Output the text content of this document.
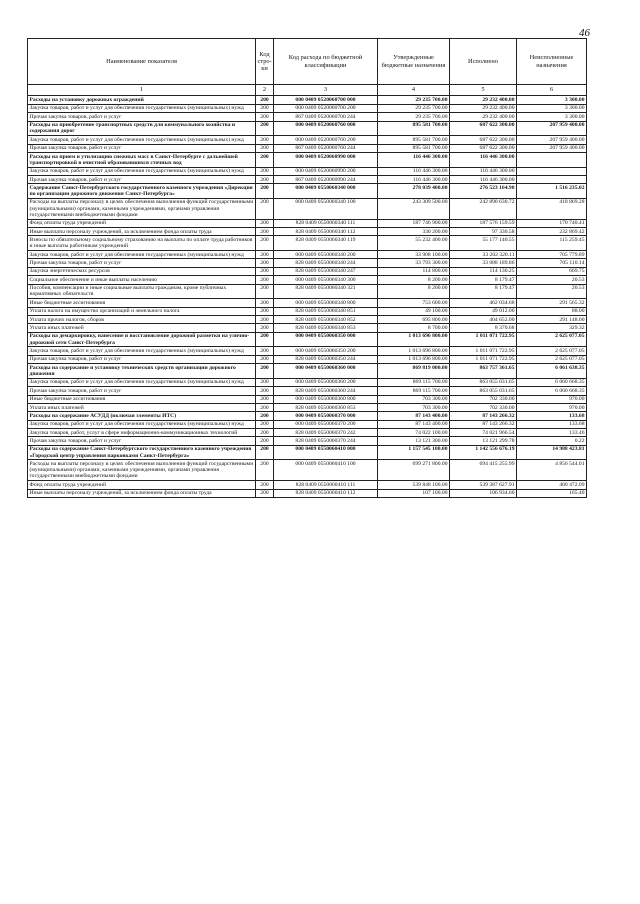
46
Наименование показателя	Код стро-ки	Код расхода по бюджетной классификации	Утвержденные бюджетные назначения	Исполнено	Неисполненные назначения
1	2	3	4	5	6
Расходы на установку дорожных ограждений	200	000 0409 0520060700 000	29 235 700.00	29 232 400.00	3 300.00
Закупка товаров, работ и услуг для обеспечения государственных (муниципальных) нужд	200	000 0409 0520060700 200	29 235 700.00	29 232 400.00	3 300.00
Прочая закупка товаров, работ и услуг	200	867 0409 0520060700 244	29 235 700.00	29 232 400.00	3 300.00
Расходы на приобретение транспортных средств для коммунального хозяйства и содержания дорог	200	000 0409 0520060760 000	895 581 700.00	687 622 300.00	207 959 400.00
Закупка товаров, работ и услуг для обеспечения государственных (муниципальных) нужд	200	000 0409 0520060760 200	895 581 700.00	687 622 300.00	207 959 400.00
Прочая закупка товаров, работ и услуг	200	867 0409 0520060760 244	895 581 700.00	687 622 300.00	207 959 400.00
Расходы на прием и утилизацию снежных масс в Санкт-Петербурге с дальнейшей транспортировкой в очистной образовавшихся сточных вод	200	000 0409 0520060990 000	116 446 300.00	116 446 300.00	
Закупка товаров, работ и услуг для обеспечения государственных (муниципальных) нужд	200	000 0409 0520060990 200	116 446 300.00	116 446 300.00	
Прочая закупка товаров, работ и услуг	200	867 0409 0520060990 244	116 446 300.00	116 446 300.00	
Содержание Санкт-Петербургского государственного казенного учреждения «Дирекция по организации дорожного движения Санкт-Петербурга»	200	000 0409 0550060340 000	278 039 400.00	276 523 164.98	1 516 235.02
Расходы на выплаты персоналу в целях обеспечения выполнения функций государственными (муниципальными) органами, казенными учреждениями, органами управления государственными внебюджетными фондами	200	000 0409 0550060340 100	243 309 500.00	242 890 630.72	418 869.28
Фонд оплаты труда учреждений	200	828 0409 0550060340 111	187 746 900.00	187 576 159.59	170 740.41
Иные выплаты персоналу учреждений, за исключением фонда оплаты труда	200	828 0409 0550060340 112	330 200.00	97 330.58	232 869.42
Взносы по обязательному социальному страхованию на выплаты по оплате труда работников и иные выплаты работникам учреждений	200	828 0409 0550060340 119	55 232 400.00	55 177 140.55	115 259.45
Закупка товаров, работ и услуг для обеспечения государственных (муниципальных) нужд	200	000 0409 0550060340 200	33 908 100.00	33 202 320.11	705 779.89
Прочая закупка товаров, работ и услуг	200	828 0409 0550060340 244	33 793 300.00	33 088 189.86	705 110.14
Закупка энергетических ресурсов	200	828 0409 0550060340 247	114 800.00	114 130.25	669.75
Социальное обеспечение и иные выплаты населению	200	000 0409 0550060340 300	8 200.00	8 179.47	20.53
Пособия, компенсации и иные социальные выплаты гражданам, кроме публичных нормативных обязательств	200	828 0409 0550060340 321	8 200.00	8 179.47	20.53
Иные бюджетные ассигнования	200	000 0409 0550060340 800	753 600.00	462 034.68	291 565.32
Уплата налога на имущество организаций и земельного налога	200	828 0409 0550060340 851	49 100.00	49 012.00	88.00
Уплата прочих налогов, сборов	200	828 0409 0550060340 852	695 800.00	404 652.00	291 148.00
Уплата иных платежей	200	828 0409 0550060340 853	8 700.00	8 370.68	329.32
Расходы на демаркировку, нанесение и восстановление дорожной разметки на улично-дорожной сети Санкт-Петербурга	200	000 0409 0550060350 000	1 013 696 800.00	1 011 071 722.95	2 625 077.05
Закупка товаров, работ и услуг для обеспечения государственных (муниципальных) нужд	200	000 0409 0550060350 200	1 013 696 800.00	1 011 071 722.95	2 625 077.05
Прочая закупка товаров, работ и услуг	200	828 0409 0550060350 244	1 013 696 800.00	1 011 071 722.95	2 625 077.05
Расходы на содержание и установку технических средств организации дорожного движения	200	000 0409 0550060360 000	869 819 000.00	863 757 361.65	6 061 638.35
Закупка товаров, работ и услуг для обеспечения государственных (муниципальных) нужд	200	000 0409 0550060360 200	869 115 700.00	863 055 031.65	6 060 668.35
Прочая закупка товаров, работ и услуг	200	828 0409 0550060360 244	869 115 700.00	863 055 031.65	6 060 668.35
Иные бюджетные ассигнования	200	000 0409 0550060360 800	703 300.00	702 330.00	970.00
Уплата иных платежей	200	828 0409 0550060360 853	703 300.00	702 330.00	970.00
Расходы на содержание АСУДД (включая элементы ИТС)	200	000 0409 0550060370 000	87 143 400.00	87 143 266.32	133.68
Закупка товаров, работ и услуг для обеспечения государственных (муниципальных) нужд	200	000 0409 0550060370 200	87 143 400.00	87 143 266.32	133.68
Закупка товаров, работ, услуг в сфере информационно-коммуникационных технологий	200	828 0409 0550060370 242	74 022 100.00	74 021 966.54	133.46
Прочая закупка товаров, работ и услуг	200	828 0409 0550060370 244	13 121 300.00	13 121 299.78	0.22
Расходы на содержание Санкт-Петербургского государственного казенного учреждения «Городской центр управления парковками Санкт-Петербурга»	200	000 0409 0550060410 000	1 157 545 100.00	1 142 556 676.19	14 988 423.81
Расходы на выплаты персоналу в целях обеспечения выполнения функций государственными (муниципальными) органами, казенными учреждениями, органами управления государственными внебюджетными фондами	200	000 0409 0550060410 100	699 271 800.00	694 415 255.99	4 856 544.01
Фонд оплаты труда учреждений	200	828 0409 0550060410 111	539 848 100.00	539 387 627.91	460 472.09
Иные выплаты персоналу учреждений, за исключением фонда оплаты труда	200	828 0409 0550060410 112	107 100.00	106 934.60	165.40
